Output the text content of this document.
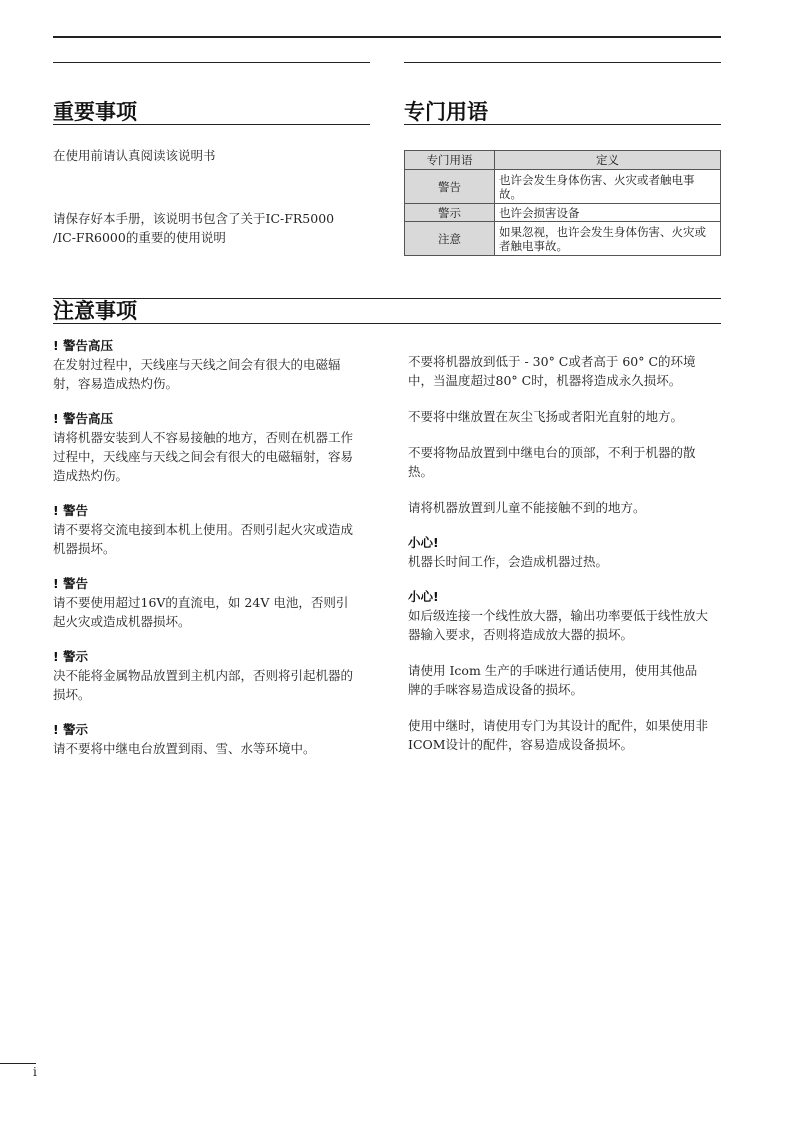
重要事项

在使用前请认真阅读该说明书

请保存好本手册，该说明书包含了关于IC-FR5000
/IC-FR6000的重要的使用说明
专门用语
专门用语	定义
警告	也许会发生身体伤害、火灾或者触电事故。
警示	也许会损害设备
注意	如果忽视，也许会发生身体伤害、火灾或者触电事故。
注意事项
! 警告高压
在发射过程中，天线座与天线之间会有很大的电磁辐射，容易造成热灼伤。
! 警告高压
请将机器安装到人不容易接触的地方，否则在机器工作过程中，天线座与天线之间会有很大的电磁辐射，容易造成热灼伤。
! 警告
请不要将交流电接到本机上使用。否则引起火灾或造成机器损坏。
! 警告
请不要使用超过16V的直流电，如 24V 电池，否则引起火灾或造成机器损坏。
! 警示
决不能将金属物品放置到主机内部，否则将引起机器的损坏。
! 警示
请不要将中继电台放置到雨、雪、水等环境中。
不要将机器放到低于 - 30° C或者高于 60° C的环境中，当温度超过80° C时，机器将造成永久损坏。
不要将中继放置在灰尘飞扬或者阳光直射的地方。
不要将物品放置到中继电台的顶部，不利于机器的散热。
请将机器放置到儿童不能接触不到的地方。
小心!
机器长时间工作，会造成机器过热。
小心!
如后级连接一个线性放大器，输出功率要低于线性放大器输入要求，否则将造成放大器的损坏。
请使用 Icom 生产的手咪进行通话使用，使用其他品牌的手咪容易造成设备的损坏。
使用中继时，请使用专门为其设计的配件，如果使用非ICOM设计的配件，容易造成设备损坏。
i
